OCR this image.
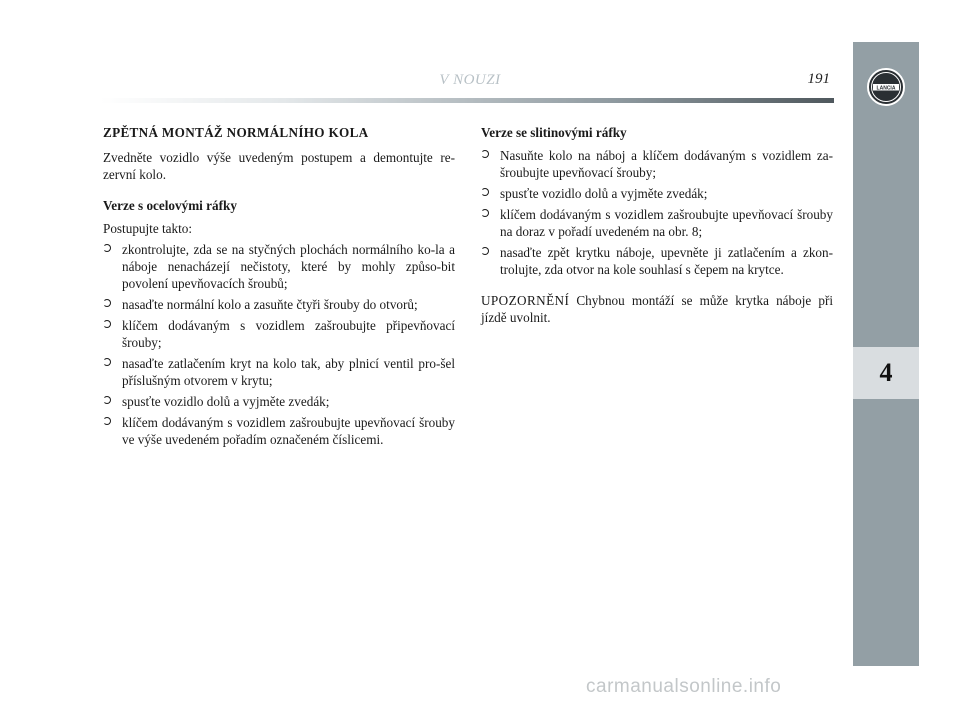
LANCIA
4
V NOUZI	191
ZPĚTNÁ MONTÁŽ NORMÁLNÍHO KOLA
Zvedněte vozidlo výše uvedeným postupem a demontujte re-zervní kolo.
Verze s ocelovými ráfky
Postupujte takto:
zkontrolujte, zda se na styčných plochách normálního ko-la a náboje nenacházejí nečistoty, které by mohly způso-bit povolení upevňovacích šroubů;
nasaďte normální kolo a zasuňte čtyři šrouby do otvorů;
klíčem dodávaným s vozidlem zašroubujte připevňovací šrouby;
nasaďte zatlačením kryt na kolo tak, aby plnicí ventil pro-šel příslušným otvorem v krytu;
spusťte vozidlo dolů a vyjměte zvedák;
klíčem dodávaným s vozidlem zašroubujte upevňovací šrouby ve výše uvedeném pořadím označeném číslicemi.
Verze se slitinovými ráfky
Nasuňte kolo na náboj a klíčem dodávaným s vozidlem za-šroubujte upevňovací šrouby;
spusťte vozidlo dolů a vyjměte zvedák;
klíčem dodávaným s vozidlem zašroubujte upevňovací šrouby na doraz v pořadí uvedeném na obr. 8;
nasaďte zpět krytku náboje, upevněte ji zatlačením a zkon-trolujte, zda otvor na kole souhlasí s čepem na krytce.
UPOZORNĚNÍ Chybnou montáží se může krytka náboje při jízdě uvolnit.
carmanualsonline.info
